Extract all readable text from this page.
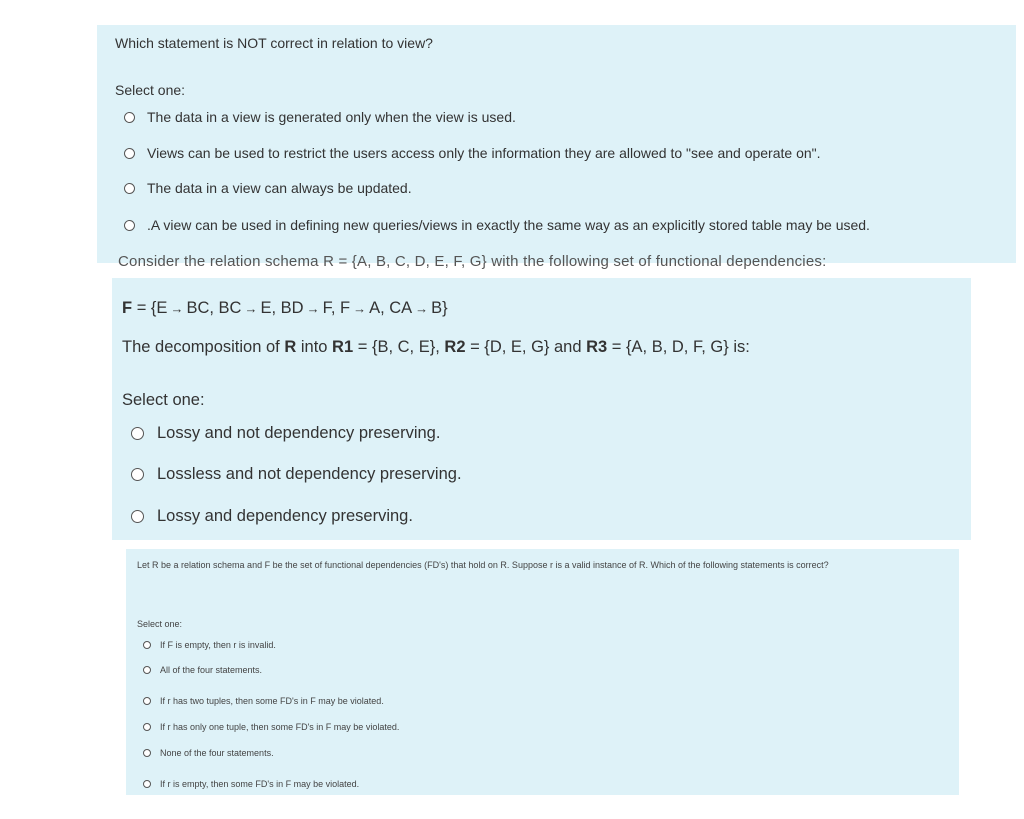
Which statement is NOT correct in relation to view?
Select one:
The data in a view is generated only when the view is used.
Views can be used to restrict the users access only the information they are allowed to "see and operate on".
The data in a view can always be updated.
.A view can be used in defining new queries/views in exactly the same way as an explicitly stored table may be used.
Consider the relation schema R = {A, B, C, D, E, F, G} with the following set of functional dependencies:
F = {E → BC, BC → E, BD → F, F → A, CA → B}
The decomposition of R into R1 = {B, C, E}, R2 = {D, E, G} and R3 = {A, B, D, F, G} is:
Select one:
Lossy and not dependency preserving.
Lossless and not dependency preserving.
Lossy and dependency preserving.
Let R be a relation schema and F be the set of functional dependencies (FD's) that hold on R. Suppose r is a valid instance of R. Which of the following statements is correct?
Select one:
If F is empty, then r is invalid.
All of the four statements.
If r has two tuples, then some FD's in F may be violated.
If r has only one tuple, then some FD's in F may be violated.
None of the four statements.
If r is empty, then some FD's in F may be violated.
